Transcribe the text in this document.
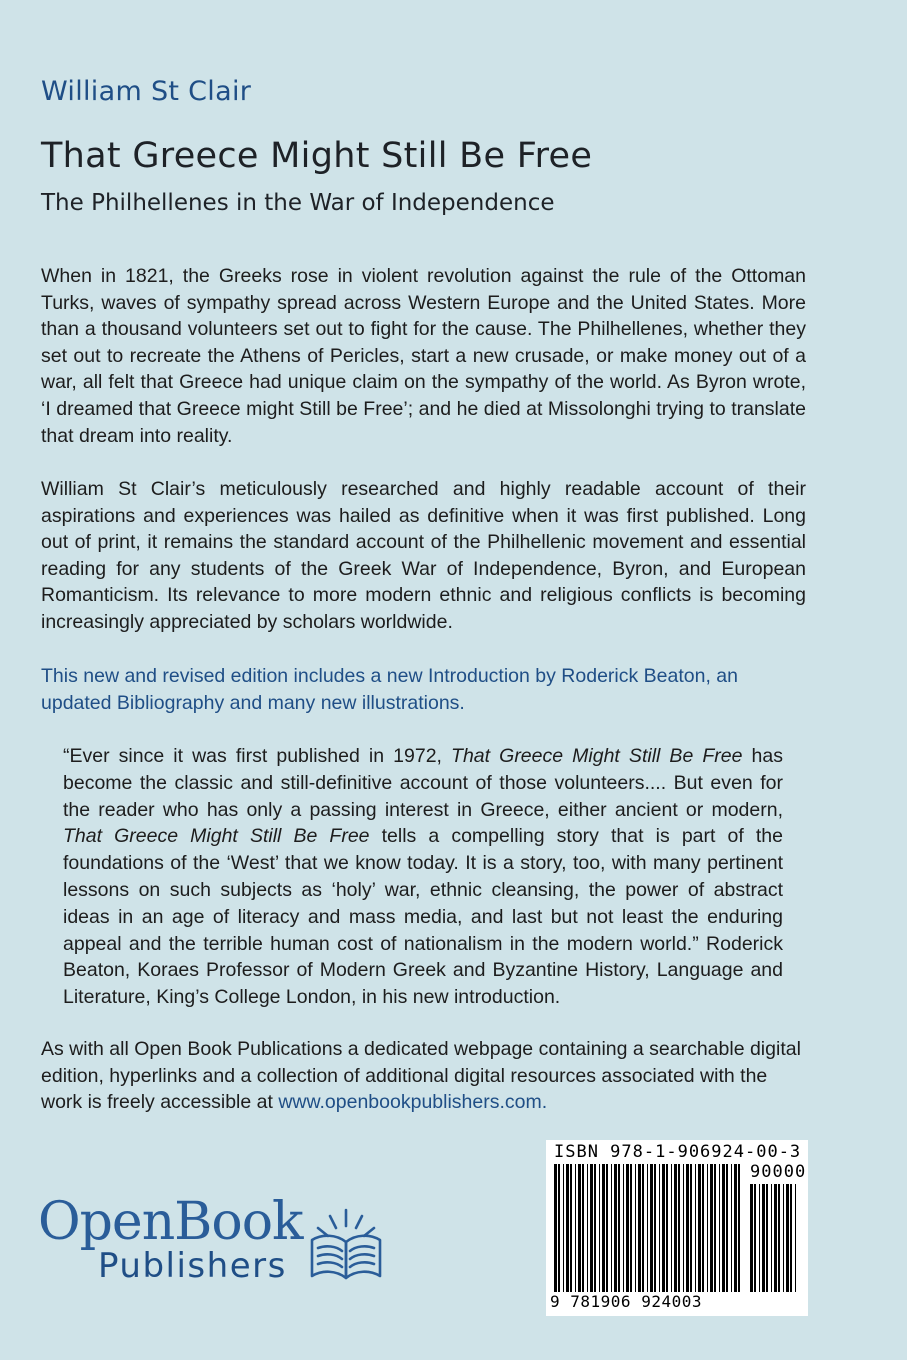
William St Clair
That Greece Might Still Be Free
The Philhellenes in the War of Independence

When in 1821, the Greeks rose in violent revolution against the rule of the Ottoman Turks, waves of sympathy spread across Western Europe and the United States. More than a thousand volunteers set out to fight for the cause. The Philhellenes, whether they set out to recreate the Athens of Pericles, start a new crusade, or make money out of a war, all felt that Greece had unique claim on the sympathy of the world. As Byron wrote, ‘I dreamed that Greece might Still be Free’; and he died at Missolonghi trying to translate that dream into reality.

William St Clair’s meticulously researched and highly readable account of their aspirations and experiences was hailed as definitive when it was first published. Long out of print, it remains the standard account of the Philhellenic movement and essential reading for any students of the Greek War of Independence, Byron, and European Romanticism. Its relevance to more modern ethnic and religious conflicts is becoming increasingly appreciated by scholars worldwide.

This new and revised edition includes a new Introduction by Roderick Beaton, an updated Bibliography and many new illustrations.

“Ever since it was first published in 1972, That Greece Might Still Be Free has become the classic and still-definitive account of those volunteers.... But even for the reader who has only a passing interest in Greece, either ancient or modern, That Greece Might Still Be Free tells a compelling story that is part of the foundations of the ‘West’ that we know today. It is a story, too, with many pertinent lessons on such subjects as ‘holy’ war, ethnic cleansing, the power of abstract ideas in an age of literacy and mass media, and last but not least the enduring appeal and the terrible human cost of nationalism in the modern world.” Roderick Beaton, Koraes Professor of Modern Greek and Byzantine History, Language and Literature, King’s College London, in his new introduction.

As with all Open Book Publications a dedicated webpage containing a searchable digital edition, hyperlinks and a collection of additional digital resources associated with the work is freely accessible at www.openbookpublishers.com.

OpenBook
Publishers
ISBN 978-1-906924-00-3
90000
9 781906 924003
